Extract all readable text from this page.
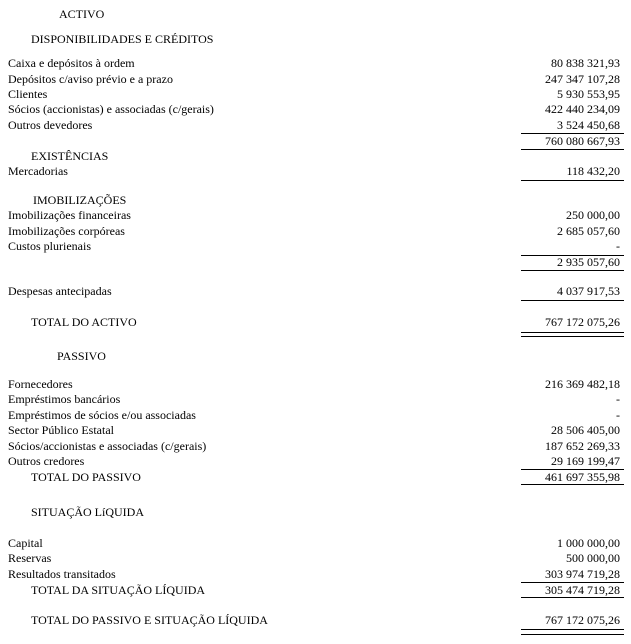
ACTIVO
DISPONIBILIDADES E CRÉDITOS
Caixa e depósitos à ordem	80 838 321,93
Depósitos c/aviso prévio e a prazo	247 347 107,28
Clientes	5 930 553,95
Sócios (accionistas) e associadas (c/gerais)	422 440 234,09
Outros devedores	3 524 450,68
760 080 667,93
EXISTÊNCIAS
Mercadorias	118 432,20
IMOBILIZAÇÕES
Imobilizações financeiras	250 000,00
Imobilizações corpóreas	2 685 057,60
Custos plurienais	-
2 935 057,60
Despesas antecipadas	4 037 917,53
TOTAL DO ACTIVO	767 172 075,26
PASSIVO
Fornecedores	216 369 482,18
Empréstimos bancários	-
Empréstimos de sócios e/ou associadas	-
Sector Público Estatal	28 506 405,00
Sócios/accionistas e associadas (c/gerais)	187 652 269,33
Outros credores	29 169 199,47
TOTAL DO PASSIVO	461 697 355,98
SITUAÇÃO LíQUIDA
Capital	1 000 000,00
Reservas	500 000,00
Resultados transitados	303 974 719,28
TOTAL DA SITUAÇÃO LÍQUIDA	305 474 719,28
TOTAL DO PASSIVO E SITUAÇÃO LÍQUIDA	767 172 075,26
